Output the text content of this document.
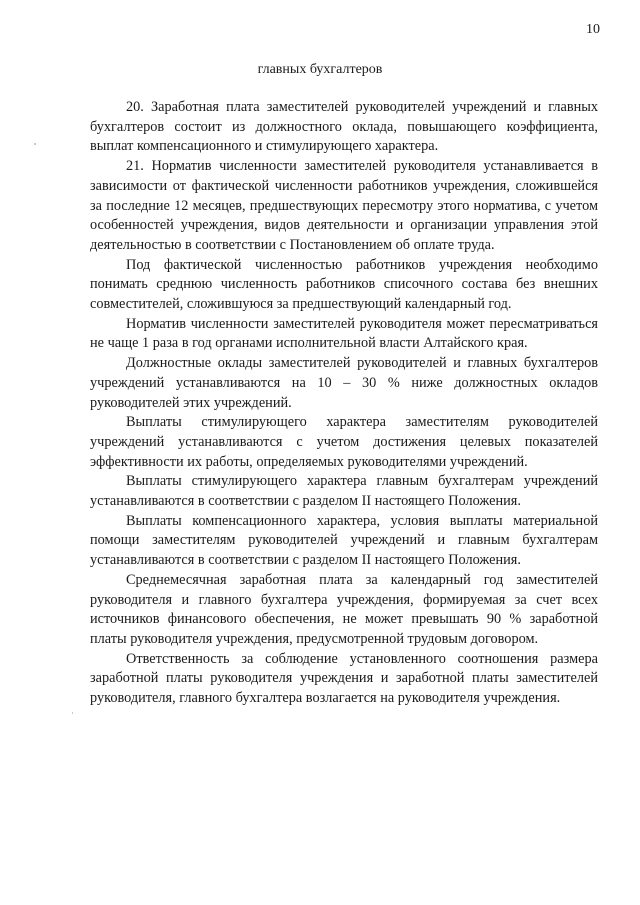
10
главных бухгалтеров

20. Заработная плата заместителей руководителей учреждений и главных бухгалтеров состоит из должностного оклада, повышающего коэффициента, выплат компенсационного и стимулирующего характера.

21. Норматив численности заместителей руководителя устанавливается в зависимости от фактической численности работников учреждения, сложившейся за последние 12 месяцев, предшествующих пересмотру этого норматива, с учетом особенностей учреждения, видов деятельности и организации управления этой деятельностью в соответствии с Постановлением об оплате труда.

Под фактической численностью работников учреждения необходимо понимать среднюю численность работников списочного состава без внешних совместителей, сложившуюся за предшествующий календарный год.

Норматив численности заместителей руководителя может пересматриваться не чаще 1 раза в год органами исполнительной власти Алтайского края.

Должностные оклады заместителей руководителей и главных бухгалтеров учреждений устанавливаются на 10 – 30 % ниже должностных окладов руководителей этих учреждений.

Выплаты стимулирующего характера заместителям руководителей учреждений устанавливаются с учетом достижения целевых показателей эффективности их работы, определяемых руководителями учреждений.

Выплаты стимулирующего характера главным бухгалтерам учреждений устанавливаются в соответствии с разделом II настоящего Положения.

Выплаты компенсационного характера, условия выплаты материальной помощи заместителям руководителей учреждений и главным бухгалтерам устанавливаются в соответствии с разделом II настоящего Положения.

Среднемесячная заработная плата за календарный год заместителей руководителя и главного бухгалтера учреждения, формируемая за счет всех источников финансового обеспечения, не может превышать 90 % заработной платы руководителя учреждения, предусмотренной трудовым договором.

Ответственность за соблюдение установленного соотношения размера заработной платы руководителя учреждения и заработной платы заместителей руководителя, главного бухгалтера возлагается на руководителя учреждения.
